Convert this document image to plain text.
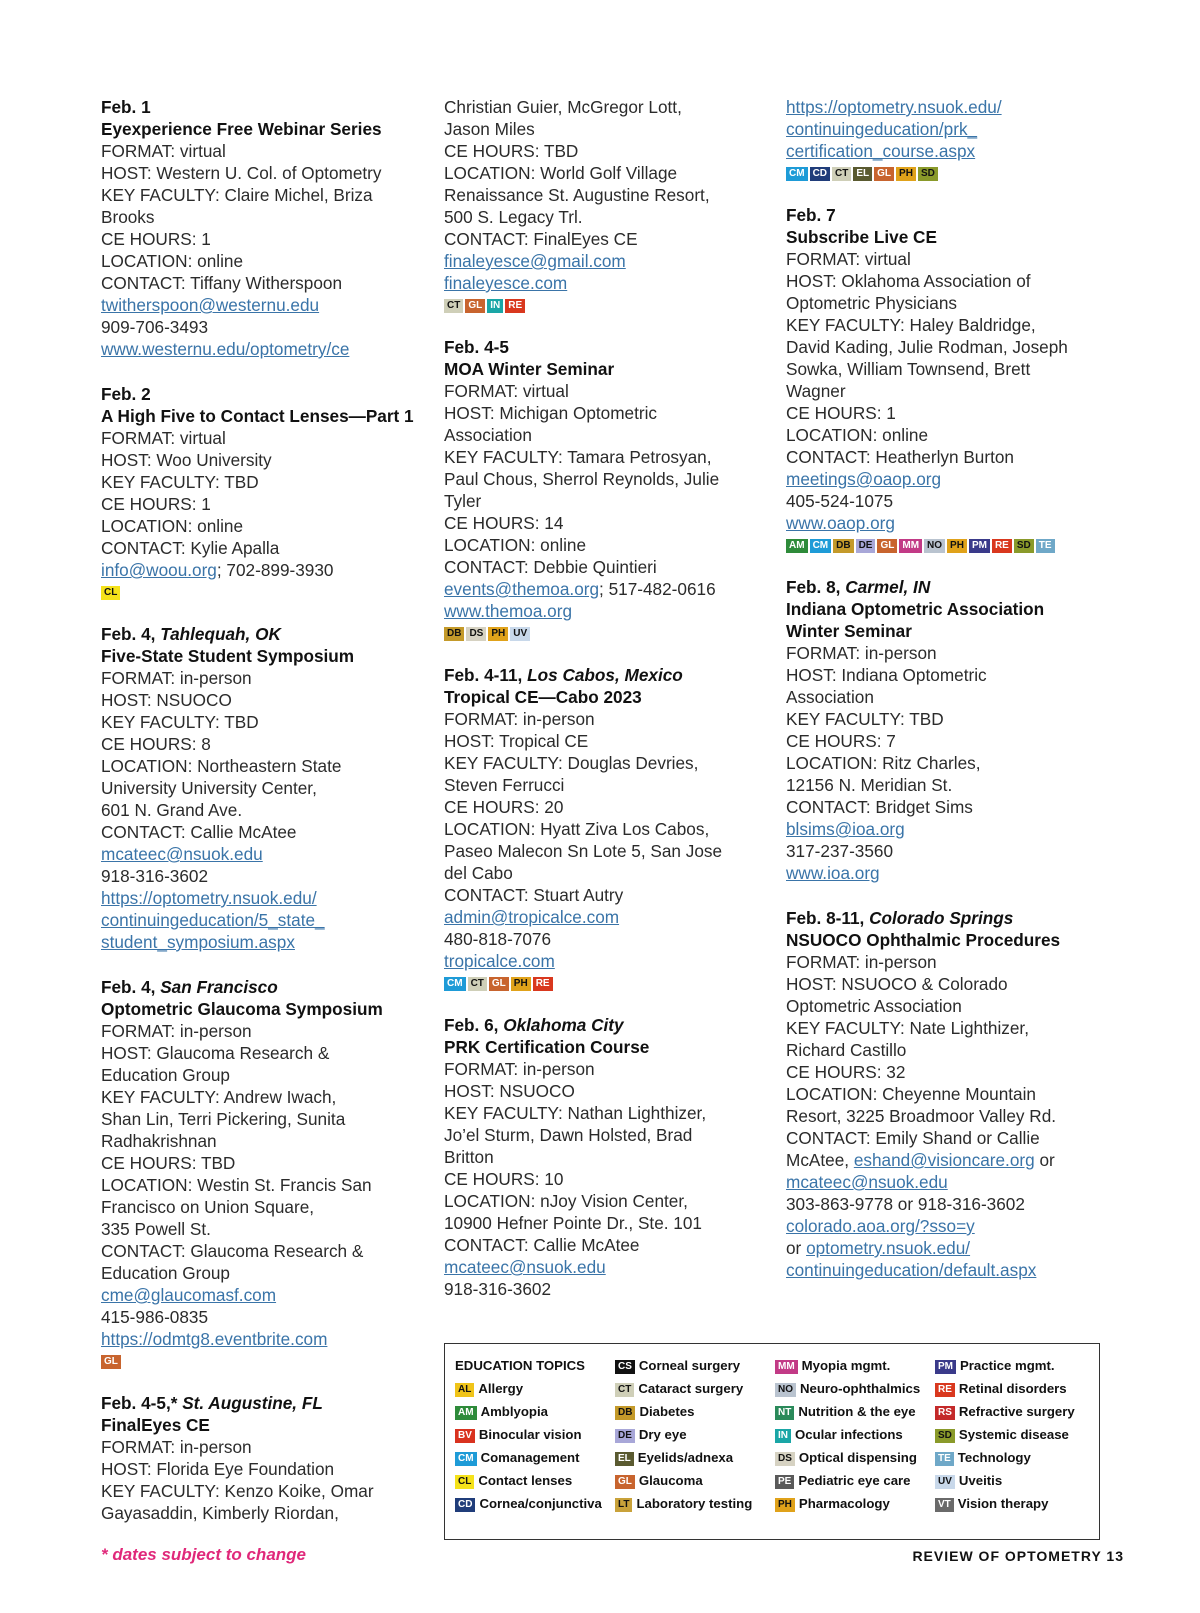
Feb. 1
Eyexperience Free Webinar Series
FORMAT: virtual
HOST: Western U. Col. of Optometry
KEY FACULTY: Claire Michel, Briza
Brooks
CE HOURS: 1
LOCATION: online
CONTACT: Tiffany Witherspoon
twitherspoon@westernu.edu
909-706-3493
www.westernu.edu/optometry/ce
Feb. 2
A High Five to Contact Lenses—Part 1
FORMAT: virtual
HOST: Woo University
KEY FACULTY: TBD
CE HOURS: 1
LOCATION: online
CONTACT: Kylie Apalla
info@woou.org; 702-899-3930
CL
Feb. 4, Tahlequah, OK
Five-State Student Symposium
FORMAT: in-person
HOST: NSUOCO
KEY FACULTY: TBD
CE HOURS: 8
LOCATION: Northeastern State
University University Center,
601 N. Grand Ave.
CONTACT: Callie McAtee
mcateec@nsuok.edu
918-316-3602
https://optometry.nsuok.edu/
continuingeducation/5_state_
student_symposium.aspx
Feb. 4, San Francisco
Optometric Glaucoma Symposium
FORMAT: in-person
HOST: Glaucoma Research &
Education Group
KEY FACULTY: Andrew Iwach,
Shan Lin, Terri Pickering, Sunita
Radhakrishnan
CE HOURS: TBD
LOCATION: Westin St. Francis San
Francisco on Union Square,
335 Powell St.
CONTACT: Glaucoma Research &
Education Group
cme@glaucomasf.com
415-986-0835
https://odmtg8.eventbrite.com
GL
Feb. 4-5,* St. Augustine, FL
FinalEyes CE
FORMAT: in-person
HOST: Florida Eye Foundation
KEY FACULTY: Kenzo Koike, Omar
Gayasaddin, Kimberly Riordan,
Christian Guier, McGregor Lott,
Jason Miles
CE HOURS: TBD
LOCATION: World Golf Village
Renaissance St. Augustine Resort,
500 S. Legacy Trl.
CONTACT: FinalEyes CE
finaleyesce@gmail.com
finaleyesce.com
CT GL IN RE
Feb. 4-5
MOA Winter Seminar
FORMAT: virtual
HOST: Michigan Optometric
Association
KEY FACULTY: Tamara Petrosyan,
Paul Chous, Sherrol Reynolds, Julie
Tyler
CE HOURS: 14
LOCATION: online
CONTACT: Debbie Quintieri
events@themoa.org; 517-482-0616
www.themoa.org
DB DS PH UV
Feb. 4-11, Los Cabos, Mexico
Tropical CE—Cabo 2023
FORMAT: in-person
HOST: Tropical CE
KEY FACULTY: Douglas Devries,
Steven Ferrucci
CE HOURS: 20
LOCATION: Hyatt Ziva Los Cabos,
Paseo Malecon Sn Lote 5, San Jose
del Cabo
CONTACT: Stuart Autry
admin@tropicalce.com
480-818-7076
tropicalce.com
CM CT GL PH RE
Feb. 6, Oklahoma City
PRK Certification Course
FORMAT: in-person
HOST: NSUOCO
KEY FACULTY: Nathan Lighthizer,
Jo’el Sturm, Dawn Holsted, Brad
Britton
CE HOURS: 10
LOCATION: nJoy Vision Center,
10900 Hefner Pointe Dr., Ste. 101
CONTACT: Callie McAtee
mcateec@nsuok.edu
918-316-3602
https://optometry.nsuok.edu/
continuingeducation/prk_
certification_course.aspx
CM CD CT EL GL PH SD
Feb. 7
Subscribe Live CE
FORMAT: virtual
HOST: Oklahoma Association of
Optometric Physicians
KEY FACULTY: Haley Baldridge,
David Kading, Julie Rodman, Joseph
Sowka, William Townsend, Brett
Wagner
CE HOURS: 1
LOCATION: online
CONTACT: Heatherlyn Burton
meetings@oaop.org
405-524-1075
www.oaop.org
AM CM DB DE GL MM NO PH PM RE SD TE
Feb. 8, Carmel, IN
Indiana Optometric Association
Winter Seminar
FORMAT: in-person
HOST: Indiana Optometric
Association
KEY FACULTY: TBD
CE HOURS: 7
LOCATION: Ritz Charles,
12156 N. Meridian St.
CONTACT: Bridget Sims
blsims@ioa.org
317-237-3560
www.ioa.org
Feb. 8-11, Colorado Springs
NSUOCO Ophthalmic Procedures
FORMAT: in-person
HOST: NSUOCO & Colorado
Optometric Association
KEY FACULTY: Nate Lighthizer,
Richard Castillo
CE HOURS: 32
LOCATION: Cheyenne Mountain
Resort, 3225 Broadmoor Valley Rd.
CONTACT: Emily Shand or Callie
McAtee, eshand@visioncare.org or
mcateec@nsuok.edu
303-863-9778 or 918-316-3602
colorado.aoa.org/?sso=y
or optometry.nsuok.edu/
continuingeducation/default.aspx
EDUCATION TOPICS
AL Allergy
AM Amblyopia
BV Binocular vision
CM Comanagement
CL Contact lenses
CD Cornea/conjunctiva
CS Corneal surgery
CT Cataract surgery
DB Diabetes
DE Dry eye
EL Eyelids/adnexa
GL Glaucoma
LT Laboratory testing
MM Myopia mgmt.
NO Neuro-ophthalmics
NT Nutrition & the eye
IN Ocular infections
DS Optical dispensing
PE Pediatric eye care
PH Pharmacology
PM Practice mgmt.
RE Retinal disorders
RS Refractive surgery
SD Systemic disease
TE Technology
UV Uveitis
VT Vision therapy
* dates subject to change	REVIEW OF OPTOMETRY 13
